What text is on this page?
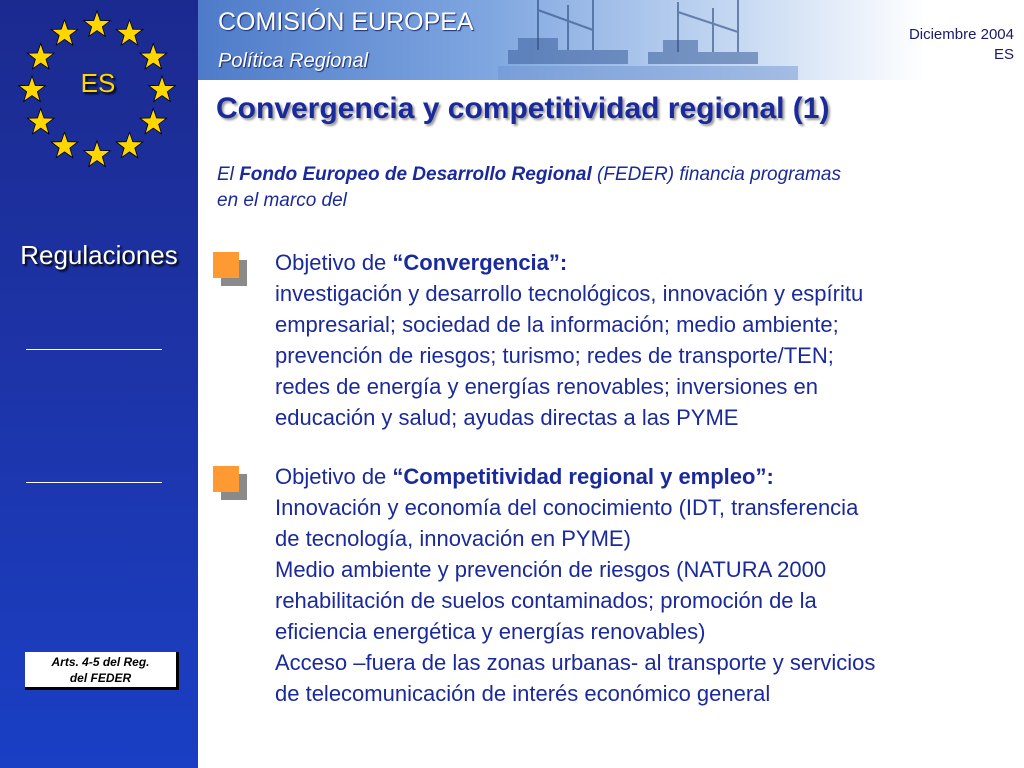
ES
Regulaciones
Arts. 4-5 del Reg.
del FEDER
COMISIÓN EUROPEA
Política Regional
Diciembre 2004
ES
Convergencia y competitividad regional (1)
El Fondo Europeo de Desarrollo Regional (FEDER) financia programas
en el marco del
Objetivo de “Convergencia”:
investigación y desarrollo tecnológicos, innovación y espíritu
empresarial; sociedad de la información; medio ambiente;
prevención de riesgos; turismo; redes de transporte/TEN;
redes de energía y energías renovables; inversiones en
educación y salud; ayudas directas a las PYME
Objetivo de “Competitividad regional y empleo”:
Innovación y economía del conocimiento (IDT, transferencia
de tecnología, innovación en PYME)
Medio ambiente y prevención de riesgos (NATURA 2000
rehabilitación de suelos contaminados; promoción de la
eficiencia energética y energías renovables)
Acceso –fuera de las zonas urbanas- al transporte y servicios
de telecomunicación de interés económico general
